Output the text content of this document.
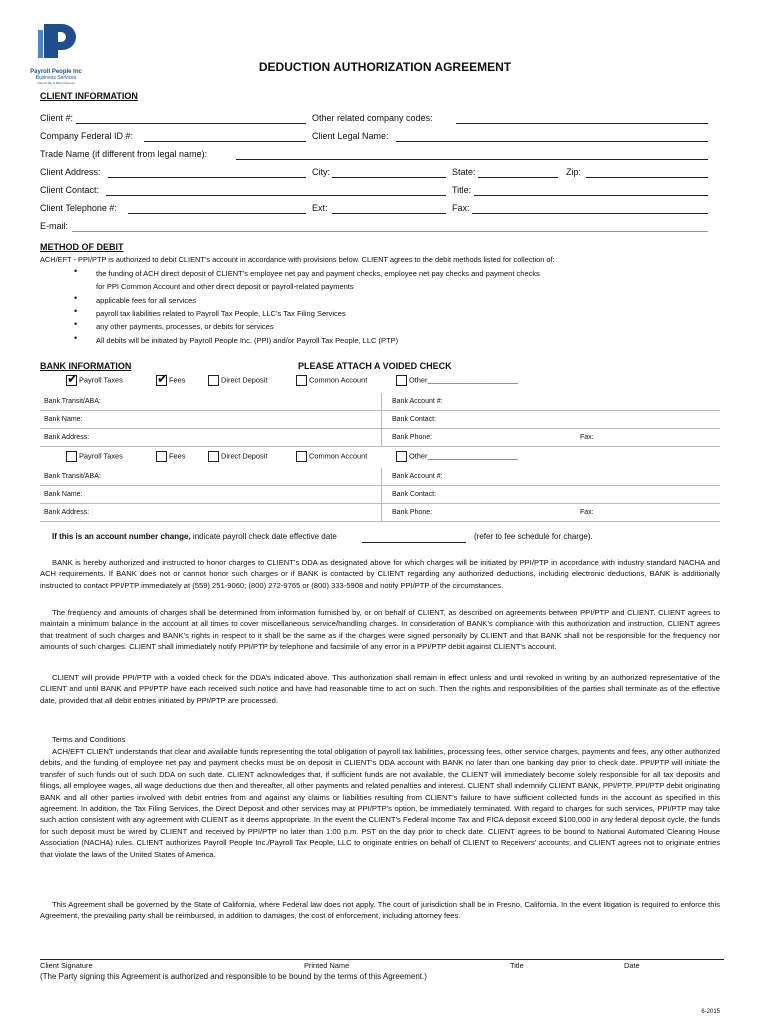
Payroll People Inc
Business Services
Payroll Tax & Direct Deposit
DEDUCTION AUTHORIZATION AGREEMENT
CLIENT INFORMATION
Client #:	Other related company codes:
Company Federal ID #:	Client Legal Name:
Trade Name (if different from legal name):
Client Address:	City:	State:	Zip:
Client Contact:	Title:
Client Telephone #:	Ext:	Fax:
E-mail:
METHOD OF DEBIT
ACH/EFT - PPI/PTP is authorized to debit CLIENT’s account in accordance with provisions below. CLIENT agrees to the debit methods listed for collection of:
•	the funding of ACH direct deposit of CLIENT’s employee net pay and payment checks, employee net pay checks and payment checks
for PPI Common Account and other direct deposit or payroll-related payments
•	applicable fees for all services
•	payroll tax liabilities related to Payroll Tax People, LLC’s Tax Filing Services
•	any other payments, processes, or debits for services
•	All debits will be initiated by Payroll People Inc. (PPI) and/or Payroll Tax People, LLC (PTP)
BANK INFORMATION	PLEASE ATTACH A VOIDED CHECK
✔Payroll Taxes ✔	Fees	Direct Deposit	Common Account	Other______________________
Bank Transit/ABA:	Bank Account #:	
Bank Name:	Bank Contact:	
Bank Address:	Bank Phone:	Fax:
Payroll Taxes	Fees	Direct Deposit	Common Account	Other______________________
Bank Transit/ABA:	Bank Account #:	
Bank Name:	Bank Contact:	
Bank Address:	Bank Phone:	Fax:
If this is an account number change, indicate payroll check date effective date	(refer to fee schedule for charge).
BANK is hereby authorized and instructed to honor charges to CLIENT’s DDA as designated above for which charges will be initiated by PPI/PTP in accordance with industry standard NACHA and ACH requirements. If BANK does not or cannot honor such charges or if BANK is contacted by CLIENT regarding any authorized deductions, including electronic deductions, BANK is additionally instructed to contact PPI/PTP immediately at (559) 251-9060; (800) 272-9765 or (800) 333-5908 and notify PPI/PTP of the circumstances.
The frequency and amounts of charges shall be determined from information furnished by, or on behalf of CLIENT, as described on agreements between PPI/PTP and CLIENT. CLIENT agrees to maintain a minimum balance in the account at all times to cover miscellaneous service/handling charges. In consideration of BANK’s compliance with this authorization and instruction, CLIENT agrees that treatment of such charges and BANK’s rights in respect to it shall be the same as if the charges were signed personally by CLIENT and that BANK shall not be responsible for the frequency nor amounts of such charges. CLIENT shall immediately notify PPI/PTP by telephone and facsimile of any error in a PPI/PTP debit against CLIENT’s account.
CLIENT will provide PPI/PTP with a voided check for the DDA’s indicated above. This authorization shall remain in effect unless and until revoked in writing by an authorized representative of the CLIENT and until BANK and PPI/PTP have each received such notice and have had reasonable time to act on such. Then the rights and responsibilities of the parties shall terminate as of the effective date, provided that all debit entries initiated by PPI/PTP are processed.
Terms and Conditions
ACH/EFT CLIENT understands that clear and available funds representing the total obligation of payroll tax liabilities, processing fees, other service charges, payments and fees, any other authorized debits, and the funding of employee net pay and payment checks must be on deposit in CLIENT’s DDA account with BANK no later than one banking day prior to check date. PPI/PTP will initiate the transfer of such funds out of such DDA on such date. CLIENT acknowledges that, if sufficient funds are not available, the CLIENT will immediately become solely responsible for all tax deposits and filings, all employee wages, all wage deductions due then and thereafter, all other payments and related penalties and interest. CLIENT shall indemnify CLIENT BANK, PPI/PTP, PPI/PTP debit originating BANK and all other parties involved with debit entries from and against any claims or liabilities resulting from CLIENT’s failure to have sufficient collected funds in the account as specified in this agreement. In addition, the Tax Filing Services, the Direct Deposit and other services may at PPI/PTP’s option, be immediately terminated. With regard to charges for such services, PPI/PTP may take such action consistent with any agreement with CLIENT as it deems appropriate. In the event the CLIENT’s Federal Income Tax and FICA deposit exceed $100,000 in any federal deposit cycle, the funds for such deposit must be wired by CLIENT and received by PPI/PTP no later than 1:00 p.m. PST on the day prior to check date. CLIENT agrees to be bound to National Automated Clearing House Association (NACHA) rules. CLIENT authorizes Payroll People Inc./Payroll Tax People, LLC to originate entries on behalf of CLIENT to Receivers’ accounts; and CLIENT agrees not to originate entries that violate the laws of the United States of America.
This Agreement shall be governed by the State of California, where Federal law does not apply. The court of jurisdiction shall be in Fresno, California. In the event litigation is required to enforce this Agreement, the prevailing party shall be reimbursed, in addition to damages, the cost of enforcement, including attorney fees.
Client Signature	Printed Name	Title	Date
(The Party signing this Agreement is authorized and responsible to be bound by the terms of this Agreement.)
6-2015
